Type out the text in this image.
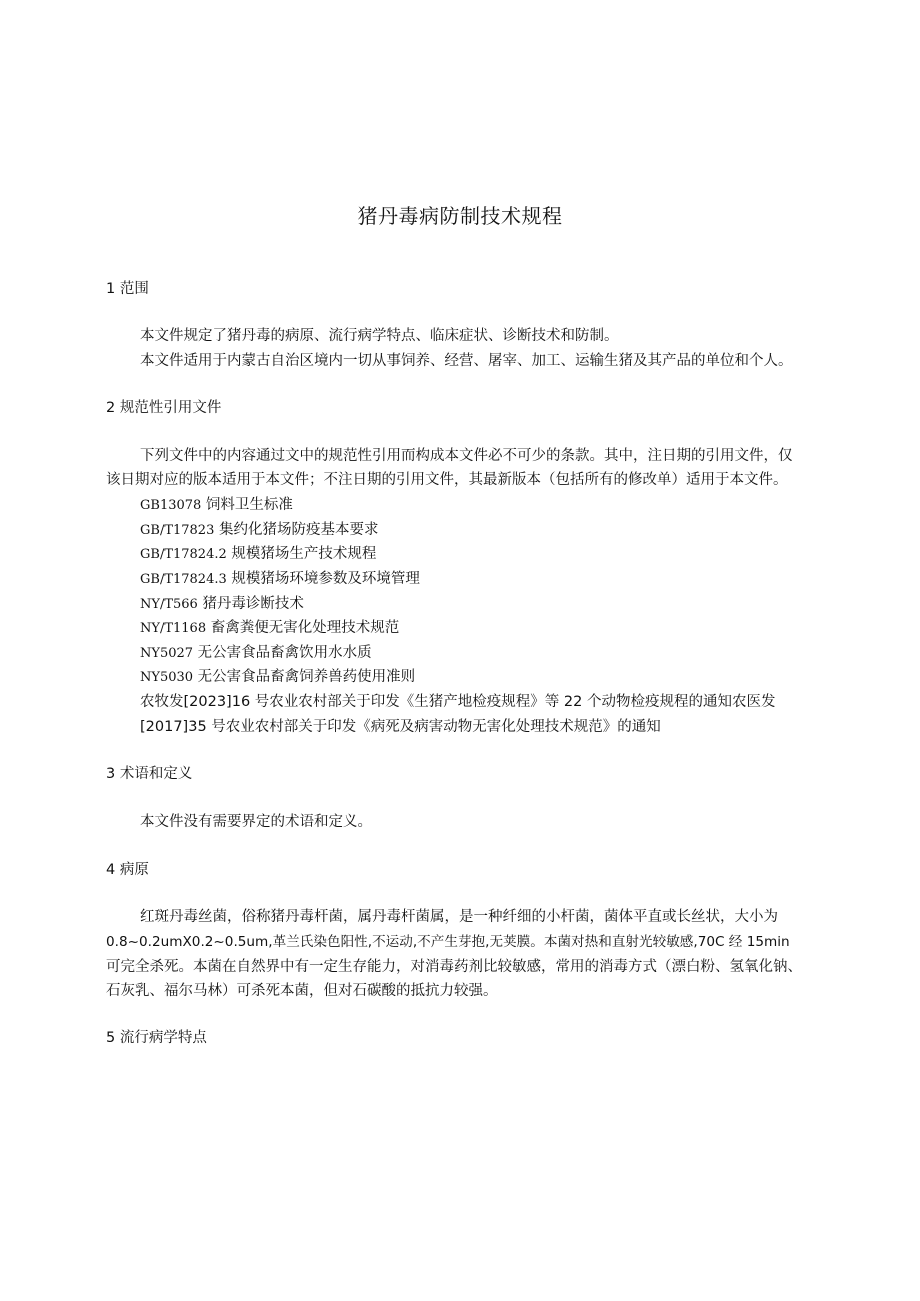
猪丹毒病防制技术规程
1 范围
本文件规定了猪丹毒的病原、流行病学特点、临床症状、诊断技术和防制。
本文件适用于内蒙古自治区境内一切从事饲养、经营、屠宰、加工、运输生猪及其产品的单位和个人。
2 规范性引用文件
下列文件中的内容通过文中的规范性引用而构成本文件必不可少的条款。其中，注日期的引用文件，仅
该日期对应的版本适用于本文件；不注日期的引用文件，其最新版本（包括所有的修改单）适用于本文件。
GB13078 饲料卫生标准
GB/T17823 集约化猪场防疫基本要求
GB/T17824.2 规模猪场生产技术规程
GB/T17824.3 规模猪场环境参数及环境管理
NY/T566 猪丹毒诊断技术
NY/T1168 畜禽粪便无害化处理技术规范
NY5027 无公害食品畜禽饮用水水质
NY5030 无公害食品畜禽饲养兽药使用准则
农牧发[2023]16 号农业农村部关于印发《生猪产地检疫规程》等 22 个动物检疫规程的通知农医发
[2017]35 号农业农村部关于印发《病死及病害动物无害化处理技术规范》的通知
3 术语和定义
本文件没有需要界定的术语和定义。
4 病原
红斑丹毒丝菌，俗称猪丹毒杆菌，属丹毒杆菌属，是一种纤细的小杆菌，菌体平直或长丝状，大小为
0.8~0.2umX0.2~0.5um,革兰氏染色阳性,不运动,不产生芽抱,无荚膜。本菌对热和直射光较敏感,70C 经 15min
可完全杀死。本菌在自然界中有一定生存能力，对消毒药剂比较敏感，常用的消毒方式（漂白粉、氢氧化钠、
石灰乳、福尔马林）可杀死本菌，但对石碳酸的抵抗力较强。
5 流行病学特点
